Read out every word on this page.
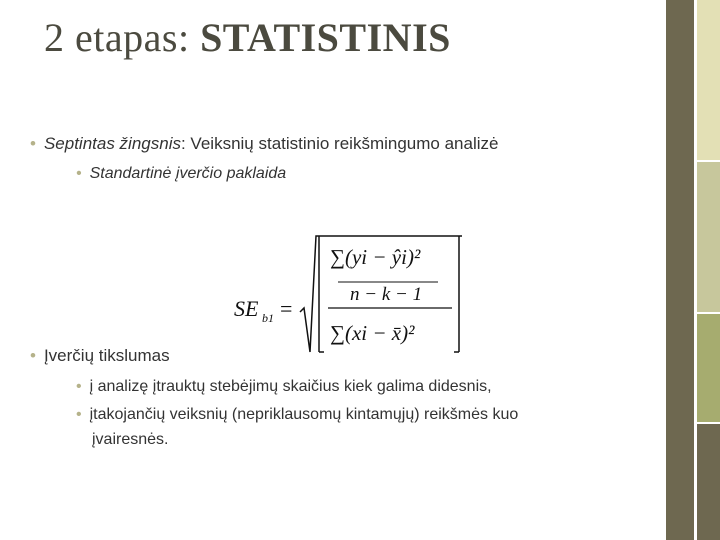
2 etapas: STATISTINIS
• Septintas žingsnis: Veiksnių statistinio reikšmingumo analizė
• Standartinė įverčio paklaida
SE b1 =
∑(yi − ŷi)²
n − k − 1
∑(xi − x̄)²
• Įverčių tikslumas
• į analizę įtrauktų stebėjimų skaičius kiek galima didesnis,
• įtakojančių veiksnių (nepriklausomų kintamųjų) reikšmės kuo
įvairesnės.
